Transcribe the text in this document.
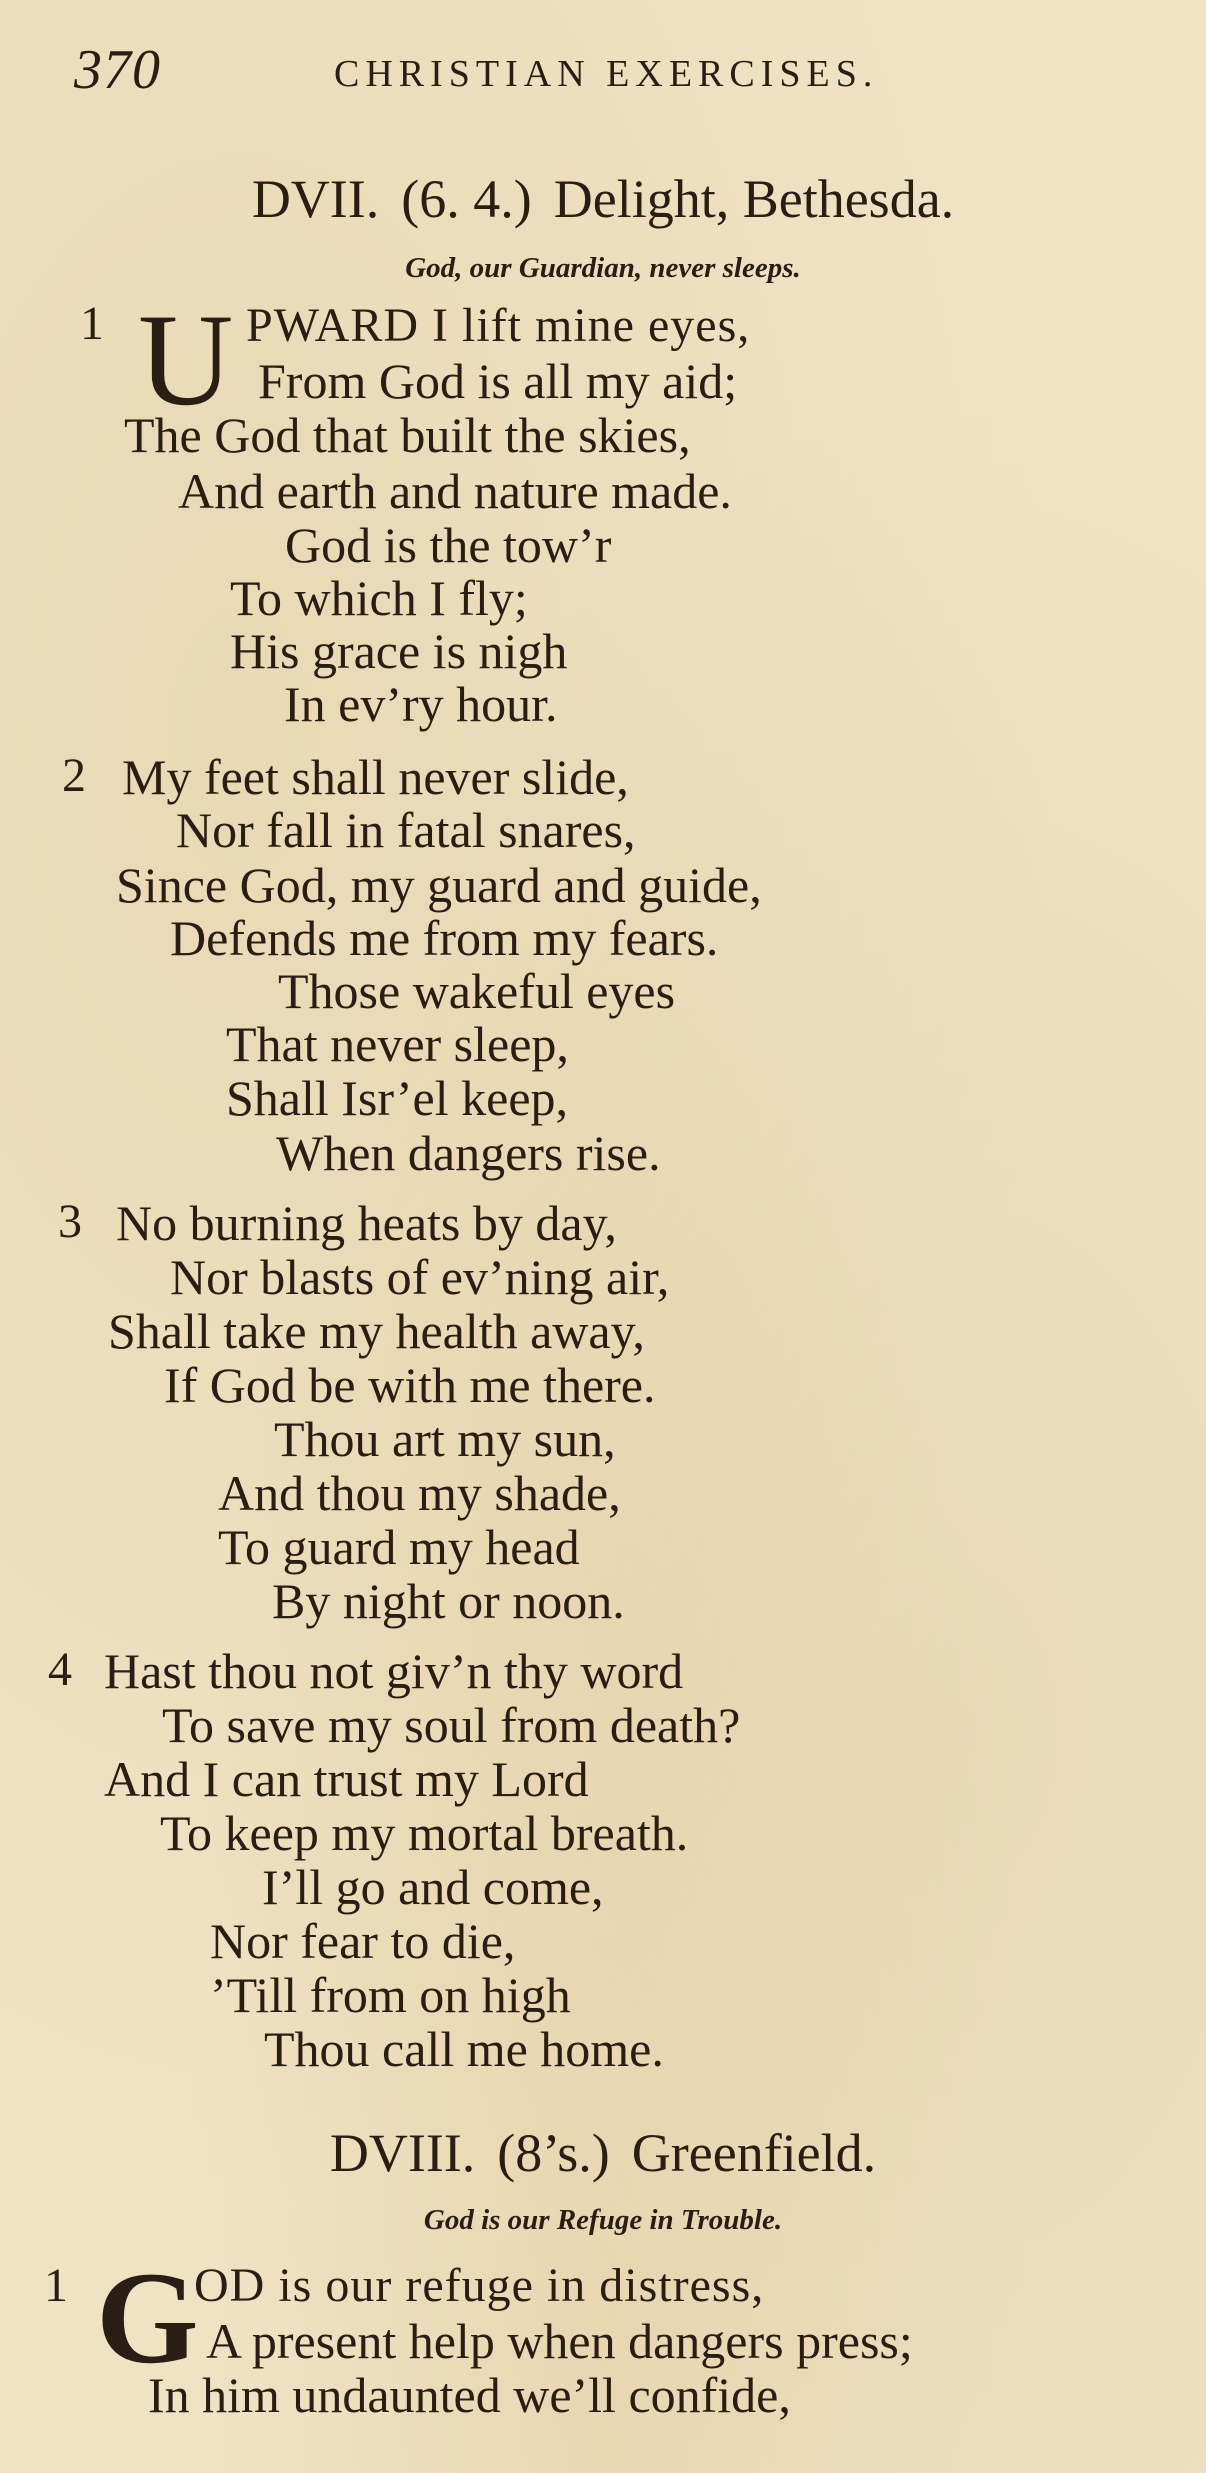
370	CHRISTIAN EXERCISES.
DVII. (6. 4.) Delight, Bethesda.
God, our Guardian, never sleeps.
1 U PWARD I lift mine eyes,
From God is all my aid;
The God that built the skies,
And earth and nature made.
God is the tow’r
To which I fly;
His grace is nigh
In ev’ry hour.
2 My feet shall never slide,
Nor fall in fatal snares,
Since God, my guard and guide,
Defends me from my fears.
Those wakeful eyes
That never sleep,
Shall Isr’el keep,
When dangers rise.
3 No burning heats by day,
Nor blasts of ev’ning air,
Shall take my health away,
If God be with me there.
Thou art my sun,
And thou my shade,
To guard my head
By night or noon.
4 Hast thou not giv’n thy word
To save my soul from death?
And I can trust my Lord
To keep my mortal breath.
I’ll go and come,
Nor fear to die,
’Till from on high
Thou call me home.
DVIII. (8’s.) Greenfield.
God is our Refuge in Trouble.
1 G
OD is our refuge in distress,
A present help when dangers press;
In him undaunted we’ll confide,
